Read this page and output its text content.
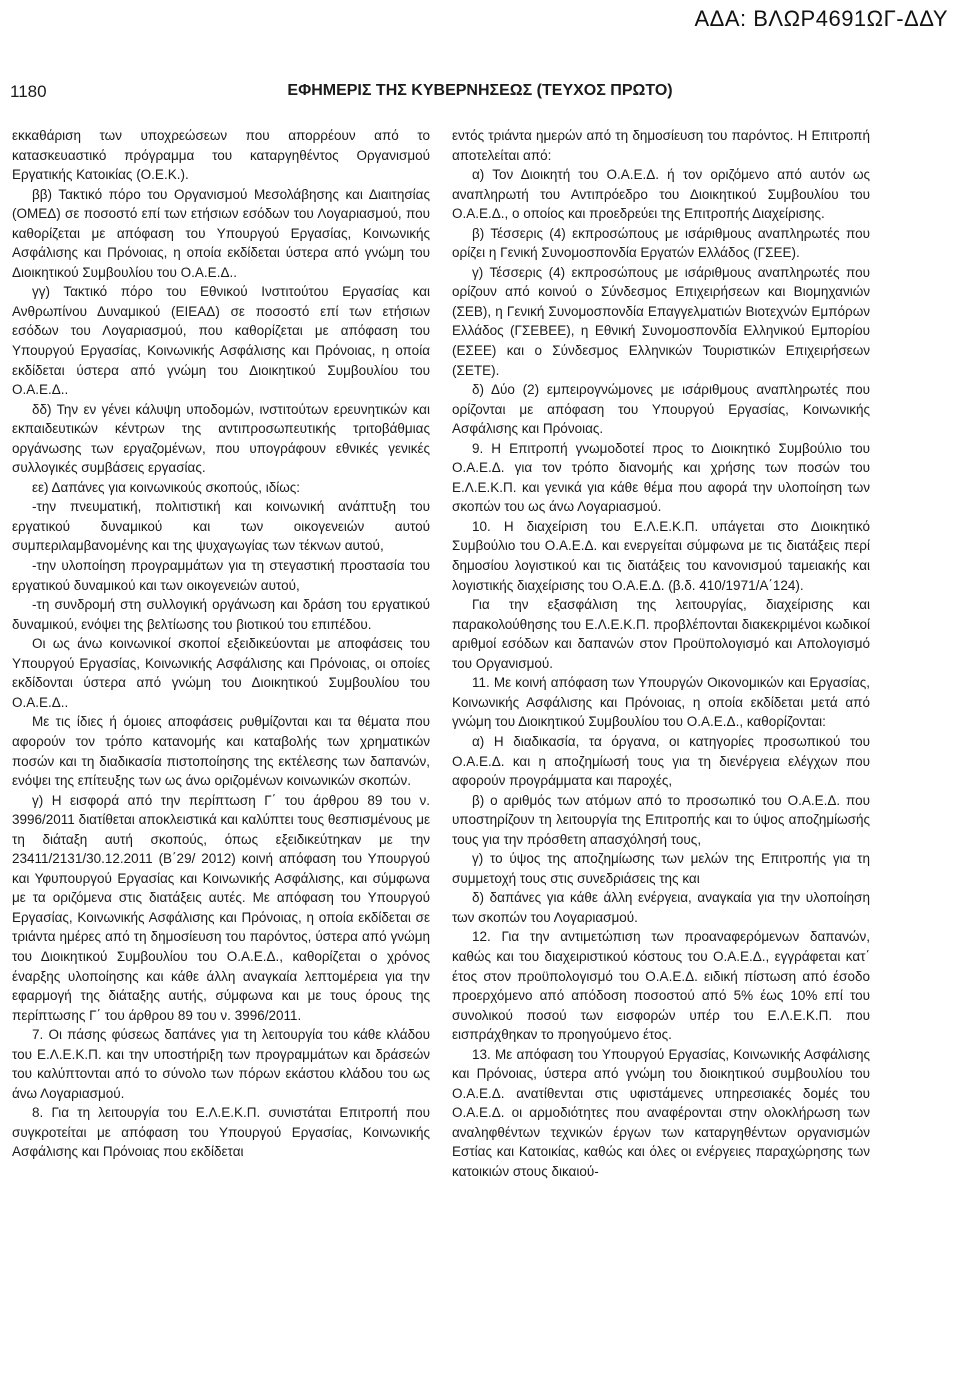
ΑΔΑ: ΒΛΩΡ4691ΩΓ-ΔΔΥ
1180	ΕΦΗΜΕΡΙΣ ΤΗΣ ΚΥΒΕΡΝΗΣΕΩΣ (ΤΕΥΧΟΣ ΠΡΩΤΟ)

εκκαθάριση των υποχρεώσεων που απορρέουν από το κατασκευαστικό πρόγραμμα του καταργηθέντος Οργανισμού Εργατικής Κατοικίας (Ο.Ε.Κ.).

ββ) Τακτικό πόρο του Οργανισμού Μεσολάβησης και Διαιτησίας (ΟΜΕΔ) σε ποσοστό επί των ετήσιων εσόδων του Λογαριασμού, που καθορίζεται με απόφαση του Υπουργού Εργασίας, Κοινωνικής Ασφάλισης και Πρόνοιας, η οποία εκδίδεται ύστερα από γνώμη του Διοικητικού Συμβουλίου του Ο.Α.Ε.Δ..

γγ) Τακτικό πόρο του Εθνικού Ινστιτούτου Εργασίας και Ανθρωπίνου Δυναμικού (ΕΙΕΑΔ) σε ποσοστό επί των ετήσιων εσόδων του Λογαριασμού, που καθορίζεται με απόφαση του Υπουργού Εργασίας, Κοινωνικής Ασφάλισης και Πρόνοιας, η οποία εκδίδεται ύστερα από γνώμη του Διοικητικού Συμβουλίου του Ο.Α.Ε.Δ..

δδ) Την εν γένει κάλυψη υποδομών, ινστιτούτων ερευνητικών και εκπαιδευτικών κέντρων της αντιπροσωπευτικής τριτοβάθμιας οργάνωσης των εργαζομένων, που υπογράφουν εθνικές γενικές συλλογικές συμβάσεις εργασίας.

εε) Δαπάνες για κοινωνικούς σκοπούς, ιδίως:

-την πνευματική, πολιτιστική και κοινωνική ανάπτυξη του εργατικού δυναμικού και των οικογενειών αυτού συμπεριλαμβανομένης και της ψυχαγωγίας των τέκνων αυτού,

-την υλοποίηση προγραμμάτων για τη στεγαστική προστασία του εργατικού δυναμικού και των οικογενειών αυτού,

-τη συνδρομή στη συλλογική οργάνωση και δράση του εργατικού δυναμικού, ενόψει της βελτίωσης του βιοτικού του επιπέδου.

Οι ως άνω κοινωνικοί σκοποί εξειδικεύονται με αποφάσεις του Υπουργού Εργασίας, Κοινωνικής Ασφάλισης και Πρόνοιας, οι οποίες εκδίδονται ύστερα από γνώμη του Διοικητικού Συμβουλίου του Ο.Α.Ε.Δ..

Με τις ίδιες ή όμοιες αποφάσεις ρυθμίζονται και τα θέματα που αφορούν τον τρόπο κατανομής και καταβολής των χρηματικών ποσών και τη διαδικασία πιστοποίησης της εκτέλεσης των δαπανών, ενόψει της επίτευξης των ως άνω οριζομένων κοινωνικών σκοπών.

γ) Η εισφορά από την περίπτωση Γ΄ του άρθρου 89 του ν. 3996/2011 διατίθεται αποκλειστικά και καλύπτει τους θεσπισμένους με τη διάταξη αυτή σκοπούς, όπως εξειδικεύτηκαν με την 23411/2131/30.12.2011 (Β΄29/ 2012) κοινή απόφαση του Υπουργού και Υφυπουργού Εργασίας και Κοινωνικής Ασφάλισης, και σύμφωνα με τα οριζόμενα στις διατάξεις αυτές. Με απόφαση του Υπουργού Εργασίας, Κοινωνικής Ασφάλισης και Πρόνοιας, η οποία εκδίδεται σε τριάντα ημέρες από τη δημοσίευση του παρόντος, ύστερα από γνώμη του Διοικητικού Συμβουλίου του Ο.Α.Ε.Δ., καθορίζεται ο χρόνος έναρξης υλοποίησης και κάθε άλλη αναγκαία λεπτομέρεια για την εφαρμογή της διάταξης αυτής, σύμφωνα και με τους όρους της περίπτωσης Γ΄ του άρθρου 89 του ν. 3996/2011.

7. Οι πάσης φύσεως δαπάνες για τη λειτουργία του κάθε κλάδου του Ε.Λ.Ε.Κ.Π. και την υποστήριξη των προγραμμάτων και δράσεών του καλύπτονται από το σύνολο των πόρων εκάστου κλάδου του ως άνω Λογαριασμού.

8. Για τη λειτουργία του Ε.Λ.Ε.Κ.Π. συνιστάται Επιτροπή που συγκροτείται με απόφαση του Υπουργού Εργασίας, Κοινωνικής Ασφάλισης και Πρόνοιας που εκδίδεται

εντός τριάντα ημερών από τη δημοσίευση του παρόντος. Η Επιτροπή αποτελείται από:

α) Τον Διοικητή του Ο.Α.Ε.Δ. ή τον οριζόμενο από αυτόν ως αναπληρωτή του Αντιπρόεδρο του Διοικητικού Συμβουλίου του Ο.Α.Ε.Δ., ο οποίος και προεδρεύει της Επιτροπής Διαχείρισης.

β) Τέσσερις (4) εκπροσώπους με ισάριθμους αναπληρωτές που ορίζει η Γενική Συνομοσπονδία Εργατών Ελλάδος (ΓΣΕΕ).

γ) Τέσσερις (4) εκπροσώπους με ισάριθμους αναπληρωτές που ορίζουν από κοινού ο Σύνδεσμος Επιχειρήσεων και Βιομηχανιών (ΣΕΒ), η Γενική Συνομοσπονδία Επαγγελματιών Βιοτεχνών Εμπόρων Ελλάδος (ΓΣΕΒΕΕ), η Εθνική Συνομοσπονδία Ελληνικού Εμπορίου (ΕΣΕΕ) και ο Σύνδεσμος Ελληνικών Τουριστικών Επιχειρήσεων (ΣΕΤΕ).

δ) Δύο (2) εμπειρογνώμονες με ισάριθμους αναπληρωτές που ορίζονται με απόφαση του Υπουργού Εργασίας, Κοινωνικής Ασφάλισης και Πρόνοιας.

9. Η Επιτροπή γνωμοδοτεί προς το Διοικητικό Συμβούλιο του Ο.Α.Ε.Δ. για τον τρόπο διανομής και χρήσης των ποσών του Ε.Λ.Ε.Κ.Π. και γενικά για κάθε θέμα που αφορά την υλοποίηση των σκοπών του ως άνω Λογαριασμού.

10. Η διαχείριση του Ε.Λ.Ε.Κ.Π. υπάγεται στο Διοικητικό Συμβούλιο του Ο.Α.Ε.Δ. και ενεργείται σύμφωνα με τις διατάξεις περί δημοσίου λογιστικού και τις διατάξεις του κανονισμού ταμειακής και λογιστικής διαχείρισης του Ο.Α.Ε.Δ. (β.δ. 410/1971/Α΄124).

Για την εξασφάλιση της λειτουργίας, διαχείρισης και παρακολούθησης του Ε.Λ.Ε.Κ.Π. προβλέπονται διακεκριμένοι κωδικοί αριθμοί εσόδων και δαπανών στον Προϋπολογισμό και Απολογισμό του Οργανισμού.

11. Με κοινή απόφαση των Υπουργών Οικονομικών και Εργασίας, Κοινωνικής Ασφάλισης και Πρόνοιας, η οποία εκδίδεται μετά από γνώμη του Διοικητικού Συμβουλίου του Ο.Α.Ε.Δ., καθορίζονται:

α) Η διαδικασία, τα όργανα, οι κατηγορίες προσωπικού του Ο.Α.Ε.Δ. και η αποζημίωσή τους για τη διενέργεια ελέγχων που αφορούν προγράμματα και παροχές,

β) ο αριθμός των ατόμων από το προσωπικό του Ο.Α.Ε.Δ. που υποστηρίζουν τη λειτουργία της Επιτροπής και το ύψος αποζημίωσής τους για την πρόσθετη απασχόλησή τους,

γ) το ύψος της αποζημίωσης των μελών της Επιτροπής για τη συμμετοχή τους στις συνεδριάσεις της και

δ) δαπάνες για κάθε άλλη ενέργεια, αναγκαία για την υλοποίηση των σκοπών του Λογαριασμού.

12. Για την αντιμετώπιση των προαναφερόμενων δαπανών, καθώς και του διαχειριστικού κόστους του Ο.Α.Ε.Δ., εγγράφεται κατ΄ έτος στον προϋπολογισμό του Ο.Α.Ε.Δ. ειδική πίστωση από έσοδο προερχόμενο από απόδοση ποσοστού από 5% έως 10% επί του συνολικού ποσού των εισφορών υπέρ του Ε.Λ.Ε.Κ.Π. που εισπράχθηκαν το προηγούμενο έτος.

13. Με απόφαση του Υπουργού Εργασίας, Κοινωνικής Ασφάλισης και Πρόνοιας, ύστερα από γνώμη του διοικητικού συμβουλίου του Ο.Α.Ε.Δ. ανατίθενται στις υφιστάμενες υπηρεσιακές δομές του Ο.Α.Ε.Δ. οι αρμοδιότητες που αναφέρονται στην ολοκλήρωση των αναληφθέντων τεχνικών έργων των καταργηθέντων οργανισμών Εστίας και Κατοικίας, καθώς και όλες οι ενέργειες παραχώρησης των κατοικιών στους δικαιού-
